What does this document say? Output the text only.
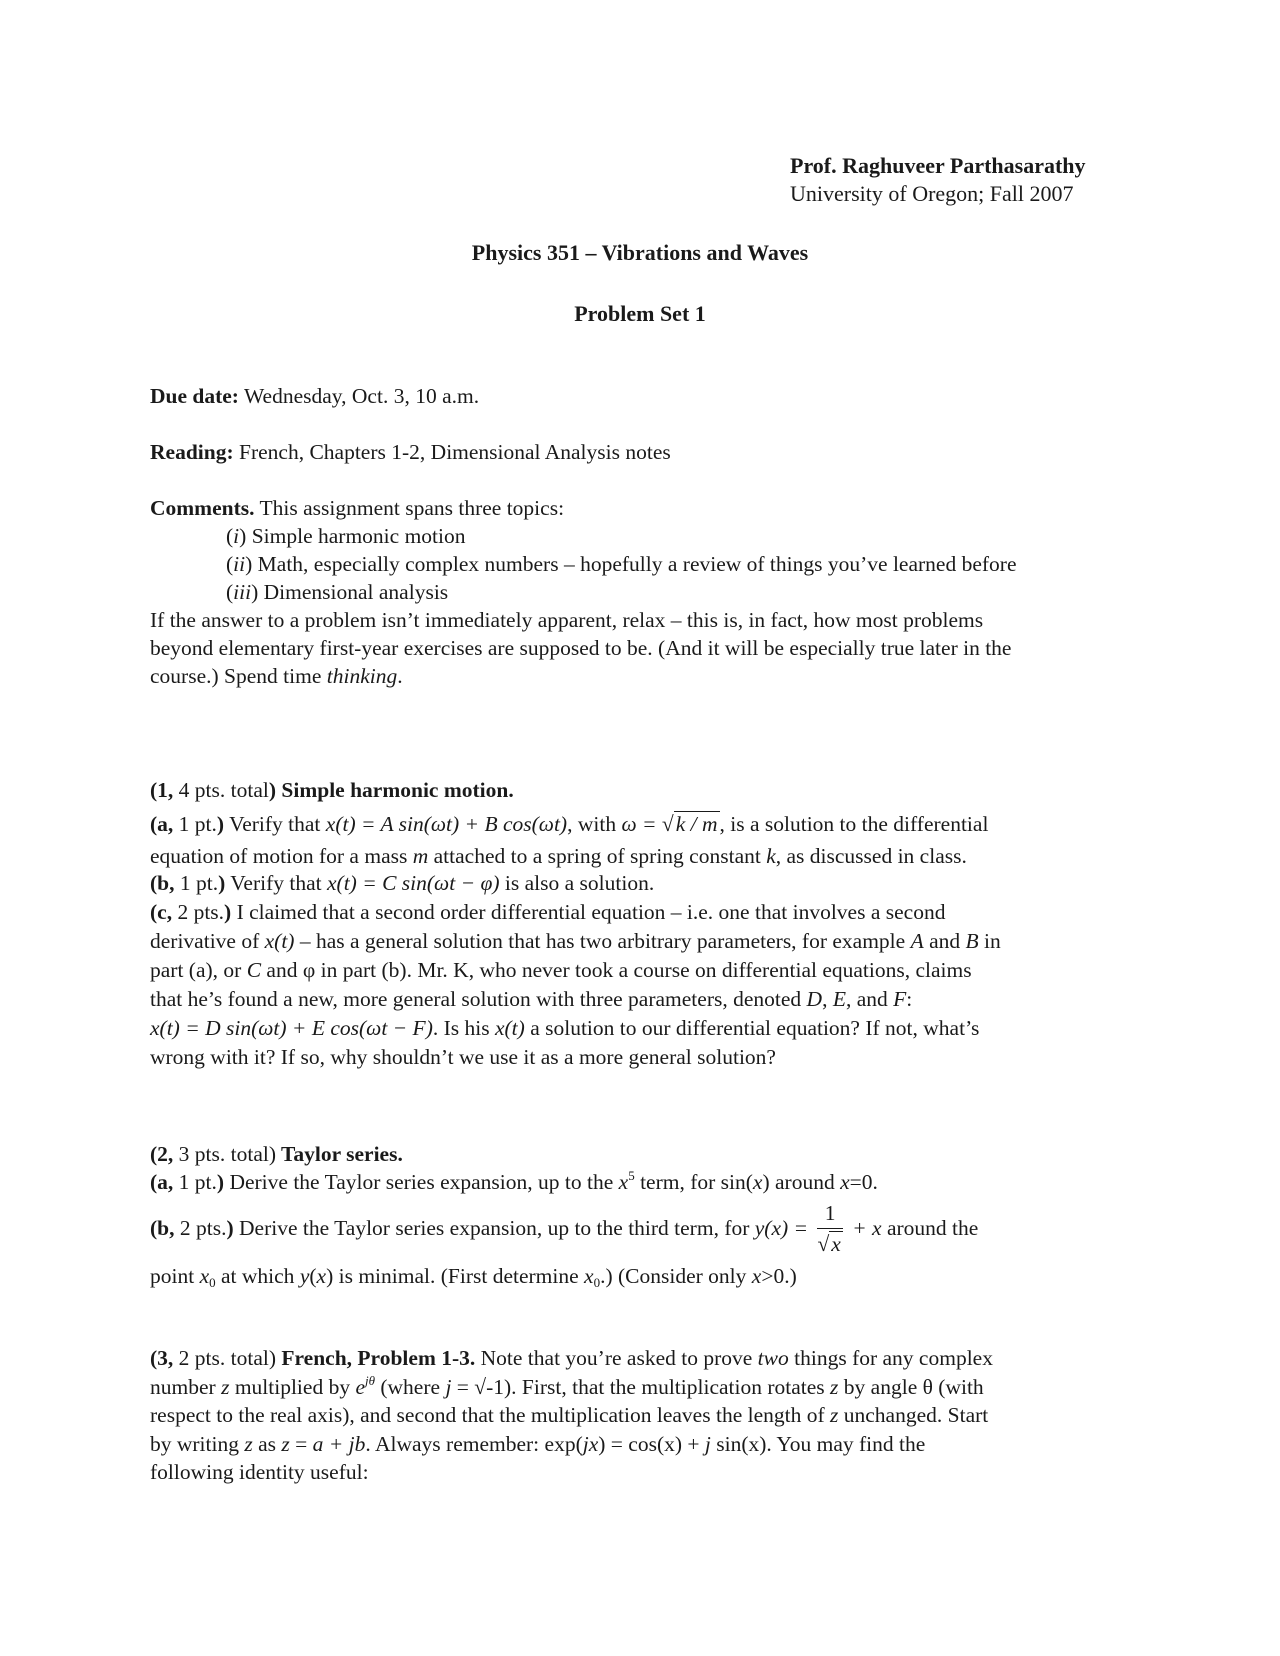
Prof. Raghuveer Parthasarathy
University of Oregon; Fall 2007
Physics 351 – Vibrations and Waves
Problem Set 1
Due date: Wednesday, Oct. 3, 10 a.m.
Reading: French, Chapters 1-2, Dimensional Analysis notes
Comments. This assignment spans three topics:
(i) Simple harmonic motion
(ii) Math, especially complex numbers – hopefully a review of things you’ve learned before
(iii) Dimensional analysis
If the answer to a problem isn’t immediately apparent, relax – this is, in fact, how most problems
beyond elementary first-year exercises are supposed to be. (And it will be especially true later in the
course.) Spend time thinking.
(1, 4 pts. total) Simple harmonic motion.
(a, 1 pt.) Verify that x(t) = A sin(ωt) + B cos(ωt), with ω = √k / m, is a solution to the differential
equation of motion for a mass m attached to a spring of spring constant k, as discussed in class.
(b, 1 pt.) Verify that x(t) = C sin(ωt − φ) is also a solution.
(c, 2 pts.) I claimed that a second order differential equation – i.e. one that involves a second
derivative of x(t) – has a general solution that has two arbitrary parameters, for example A and B in
part (a), or C and φ in part (b). Mr. K, who never took a course on differential equations, claims
that he’s found a new, more general solution with three parameters, denoted D, E, and F:
x(t) = D sin(ωt) + E cos(ωt − F). Is his x(t) a solution to our differential equation? If not, what’s
wrong with it? If so, why shouldn’t we use it as a more general solution?
(2, 3 pts. total) Taylor series.
(a, 1 pt.) Derive the Taylor series expansion, up to the $x^5$ term, for sin(x) around x=0.
(b, 2 pts.) Derive the Taylor series expansion, up to the third term, for $y(x) = \frac{1}{√x} + x$ around the
point $x_0$ at which y(x) is minimal. (First determine $x_0$.) (Consider only x>0.)
(3, 2 pts. total) French, Problem 1-3. Note that you’re asked to prove two things for any complex
number z multiplied by $e^{j\theta}$ (where j = √-1). First, that the multiplication rotates z by angle θ (with
respect to the real axis), and second that the multiplication leaves the length of z unchanged. Start
by writing z as z = a + jb. Always remember: exp(jx) = cos(x) + j sin(x). You may find the
following identity useful:
